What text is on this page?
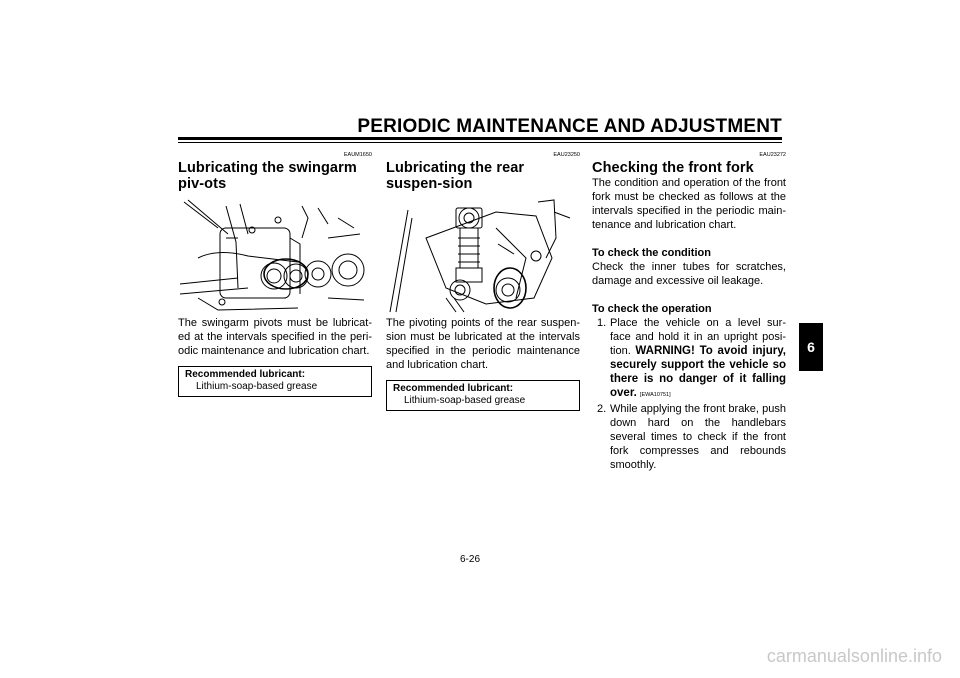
PERIODIC MAINTENANCE AND ADJUSTMENT
6
EAUM1650
Lubricating the swingarm piv-ots

The swingarm pivots must be lubricat-ed at the intervals specified in the peri-odic maintenance and lubrication chart.

Recommended lubricant:
Lithium-soap-based grease
EAU23250
Lubricating the rear suspen-sion

The pivoting points of the rear suspen-sion must be lubricated at the intervals specified in the periodic maintenance and lubrication chart.

Recommended lubricant:
Lithium-soap-based grease
EAU23272
Checking the front fork

The condition and operation of the front fork must be checked as follows at the intervals specified in the periodic main-tenance and lubrication chart.

To check the condition

Check the inner tubes for scratches, damage and excessive oil leakage.

To check the operation
1. Place the vehicle on a level sur-face and hold it in an upright posi-tion. WARNING! To avoid injury, securely support the vehicle so there is no danger of it falling over. [EWA10751]
2. While applying the front brake, push down hard on the handlebars several times to check if the front fork compresses and rebounds smoothly.
6-26
carmanualsonline.info
